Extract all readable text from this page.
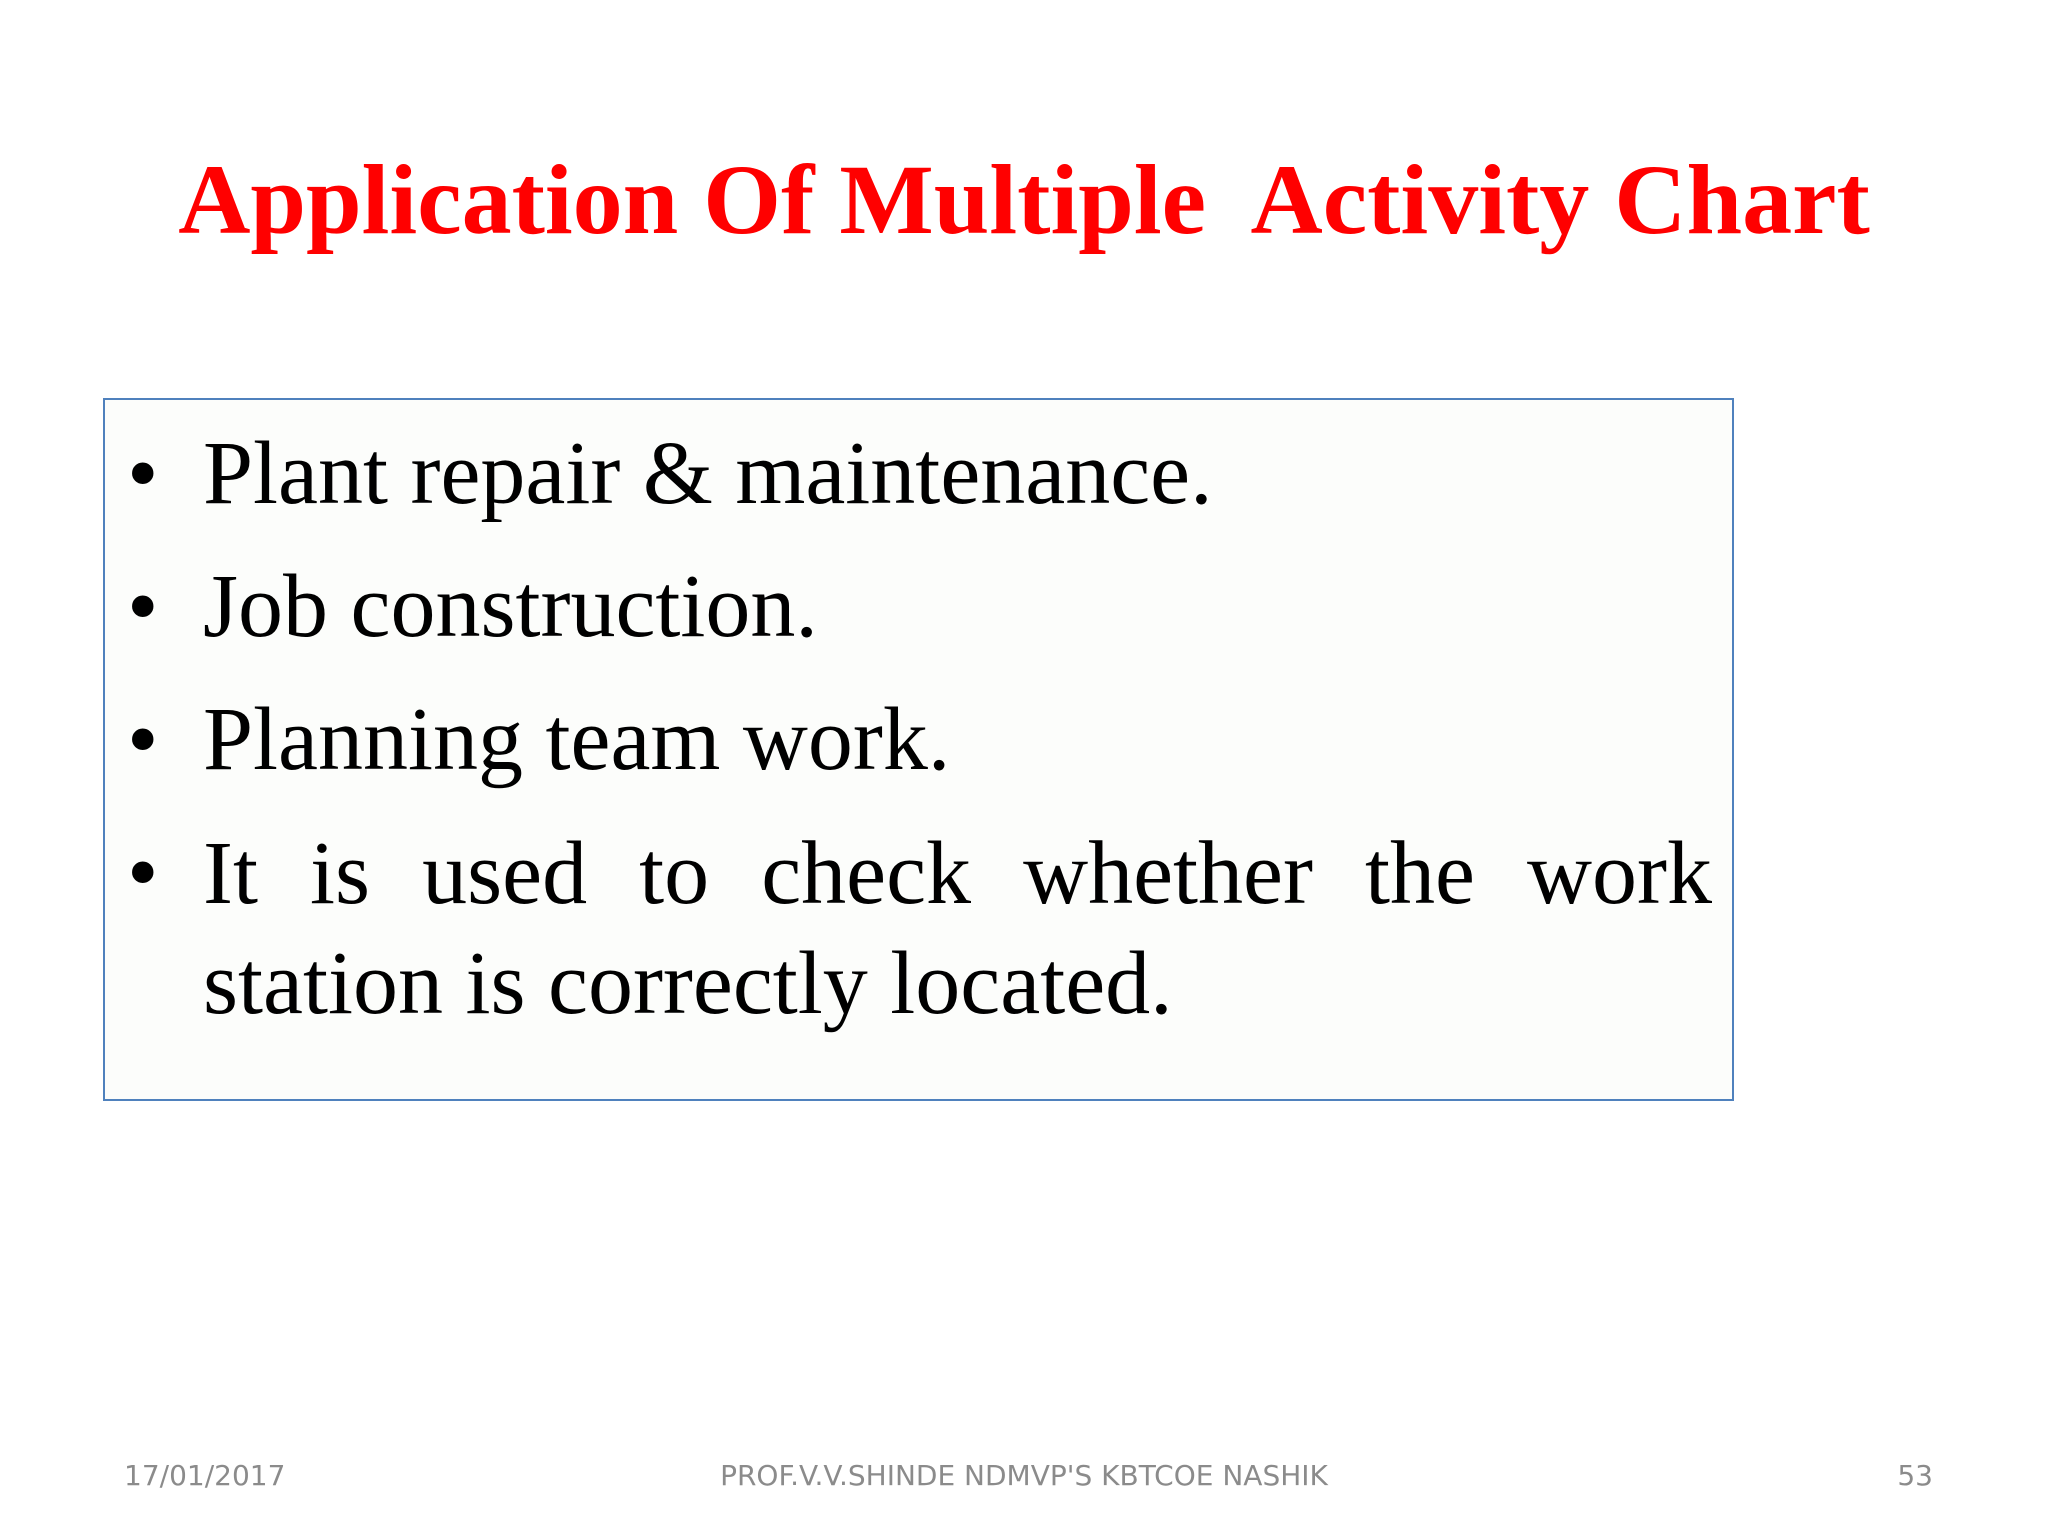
Application Of Multiple  Activity Chart
• Plant repair & maintenance.
• Job construction.
• Planning team work.
• It is used to check whether the work station is correctly located.
17/01/2017	PROF.V.V.SHINDE NDMVP'S KBTCOE NASHIK	53
